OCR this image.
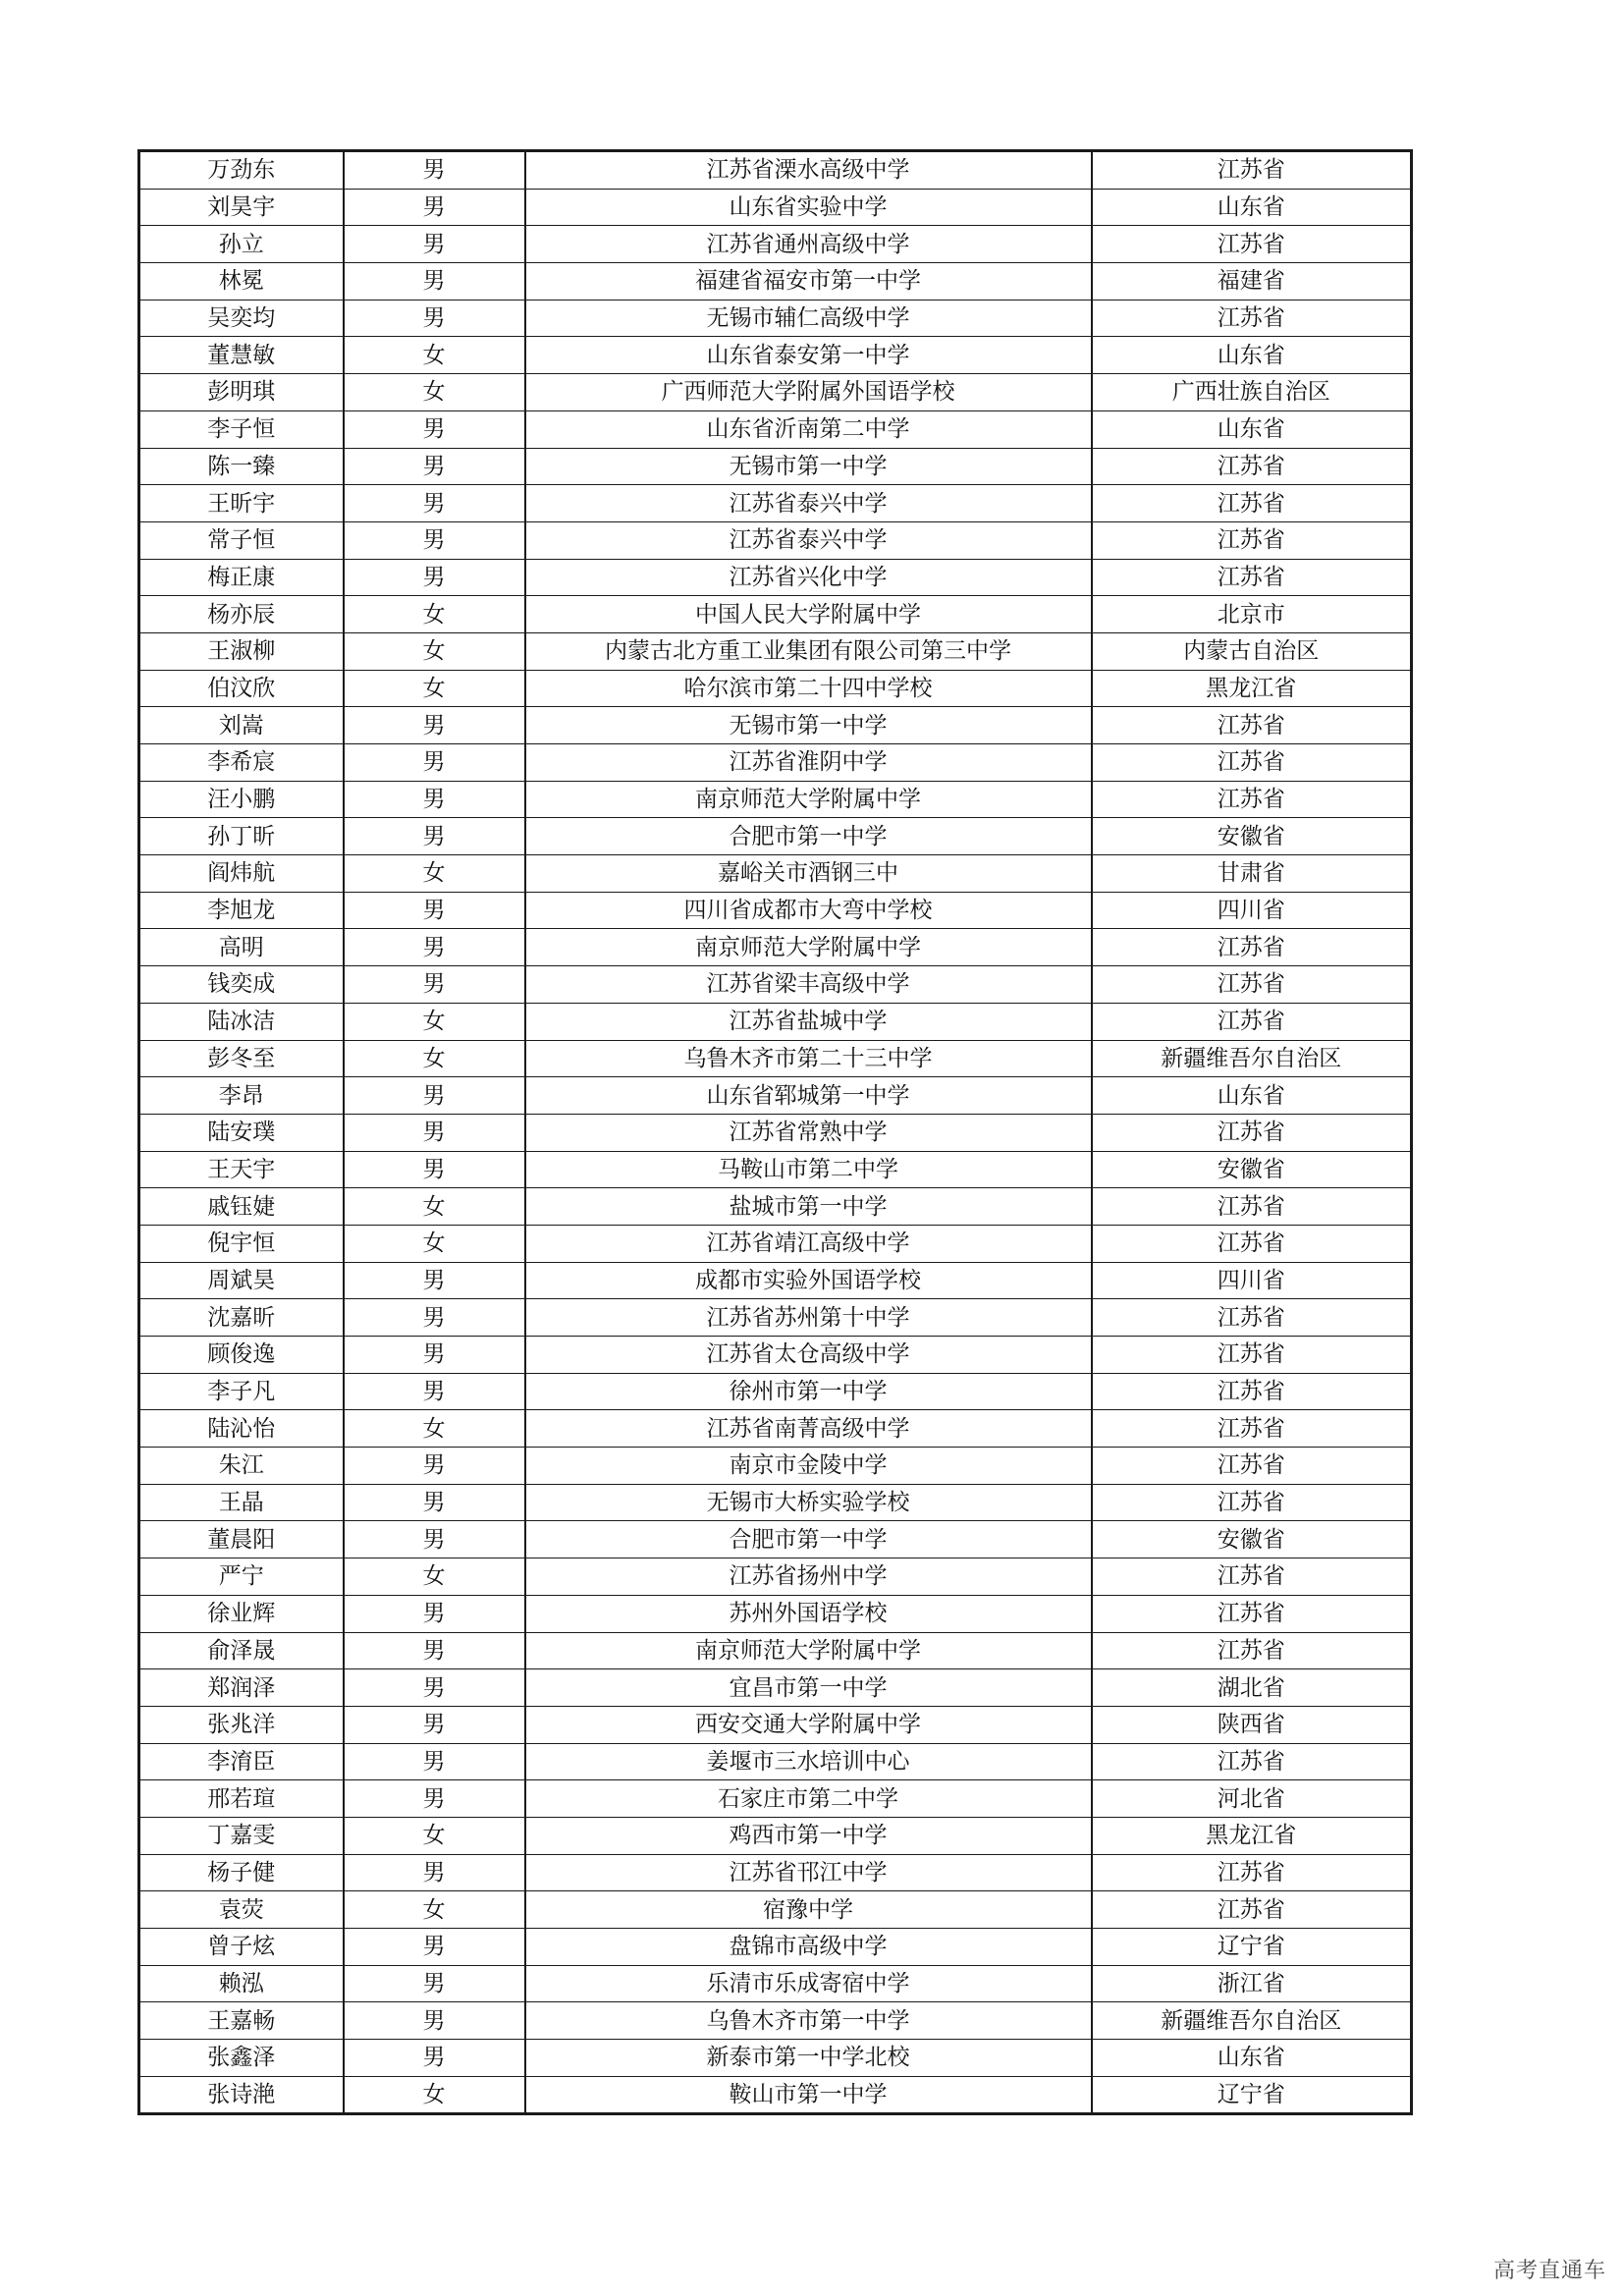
万劲东	男	江苏省溧水高级中学	江苏省
刘昊宇	男	山东省实验中学	山东省
孙立	男	江苏省通州高级中学	江苏省
林冕	男	福建省福安市第一中学	福建省
吴奕均	男	无锡市辅仁高级中学	江苏省
董慧敏	女	山东省泰安第一中学	山东省
彭明琪	女	广西师范大学附属外国语学校	广西壮族自治区
李子恒	男	山东省沂南第二中学	山东省
陈一臻	男	无锡市第一中学	江苏省
王昕宇	男	江苏省泰兴中学	江苏省
常子恒	男	江苏省泰兴中学	江苏省
梅正康	男	江苏省兴化中学	江苏省
杨亦辰	女	中国人民大学附属中学	北京市
王淑柳	女	内蒙古北方重工业集团有限公司第三中学	内蒙古自治区
伯汶欣	女	哈尔滨市第二十四中学校	黑龙江省
刘嵩	男	无锡市第一中学	江苏省
李希宸	男	江苏省淮阴中学	江苏省
汪小鹏	男	南京师范大学附属中学	江苏省
孙丁昕	男	合肥市第一中学	安徽省
阎炜航	女	嘉峪关市酒钢三中	甘肃省
李旭龙	男	四川省成都市大弯中学校	四川省
高明	男	南京师范大学附属中学	江苏省
钱奕成	男	江苏省梁丰高级中学	江苏省
陆冰洁	女	江苏省盐城中学	江苏省
彭冬至	女	乌鲁木齐市第二十三中学	新疆维吾尔自治区
李昂	男	山东省郓城第一中学	山东省
陆安璞	男	江苏省常熟中学	江苏省
王天宇	男	马鞍山市第二中学	安徽省
戚钰婕	女	盐城市第一中学	江苏省
倪宇恒	女	江苏省靖江高级中学	江苏省
周斌昊	男	成都市实验外国语学校	四川省
沈嘉昕	男	江苏省苏州第十中学	江苏省
顾俊逸	男	江苏省太仓高级中学	江苏省
李子凡	男	徐州市第一中学	江苏省
陆沁怡	女	江苏省南菁高级中学	江苏省
朱江	男	南京市金陵中学	江苏省
王晶	男	无锡市大桥实验学校	江苏省
董晨阳	男	合肥市第一中学	安徽省
严宁	女	江苏省扬州中学	江苏省
徐业辉	男	苏州外国语学校	江苏省
俞泽晟	男	南京师范大学附属中学	江苏省
郑润泽	男	宜昌市第一中学	湖北省
张兆洋	男	西安交通大学附属中学	陕西省
李淯臣	男	姜堰市三水培训中心	江苏省
邢若瑄	男	石家庄市第二中学	河北省
丁嘉雯	女	鸡西市第一中学	黑龙江省
杨子健	男	江苏省邗江中学	江苏省
袁荧	女	宿豫中学	江苏省
曾子炫	男	盘锦市高级中学	辽宁省
赖泓	男	乐清市乐成寄宿中学	浙江省
王嘉畅	男	乌鲁木齐市第一中学	新疆维吾尔自治区
张鑫泽	男	新泰市第一中学北校	山东省
张诗滟	女	鞍山市第一中学	辽宁省
高考直通车
